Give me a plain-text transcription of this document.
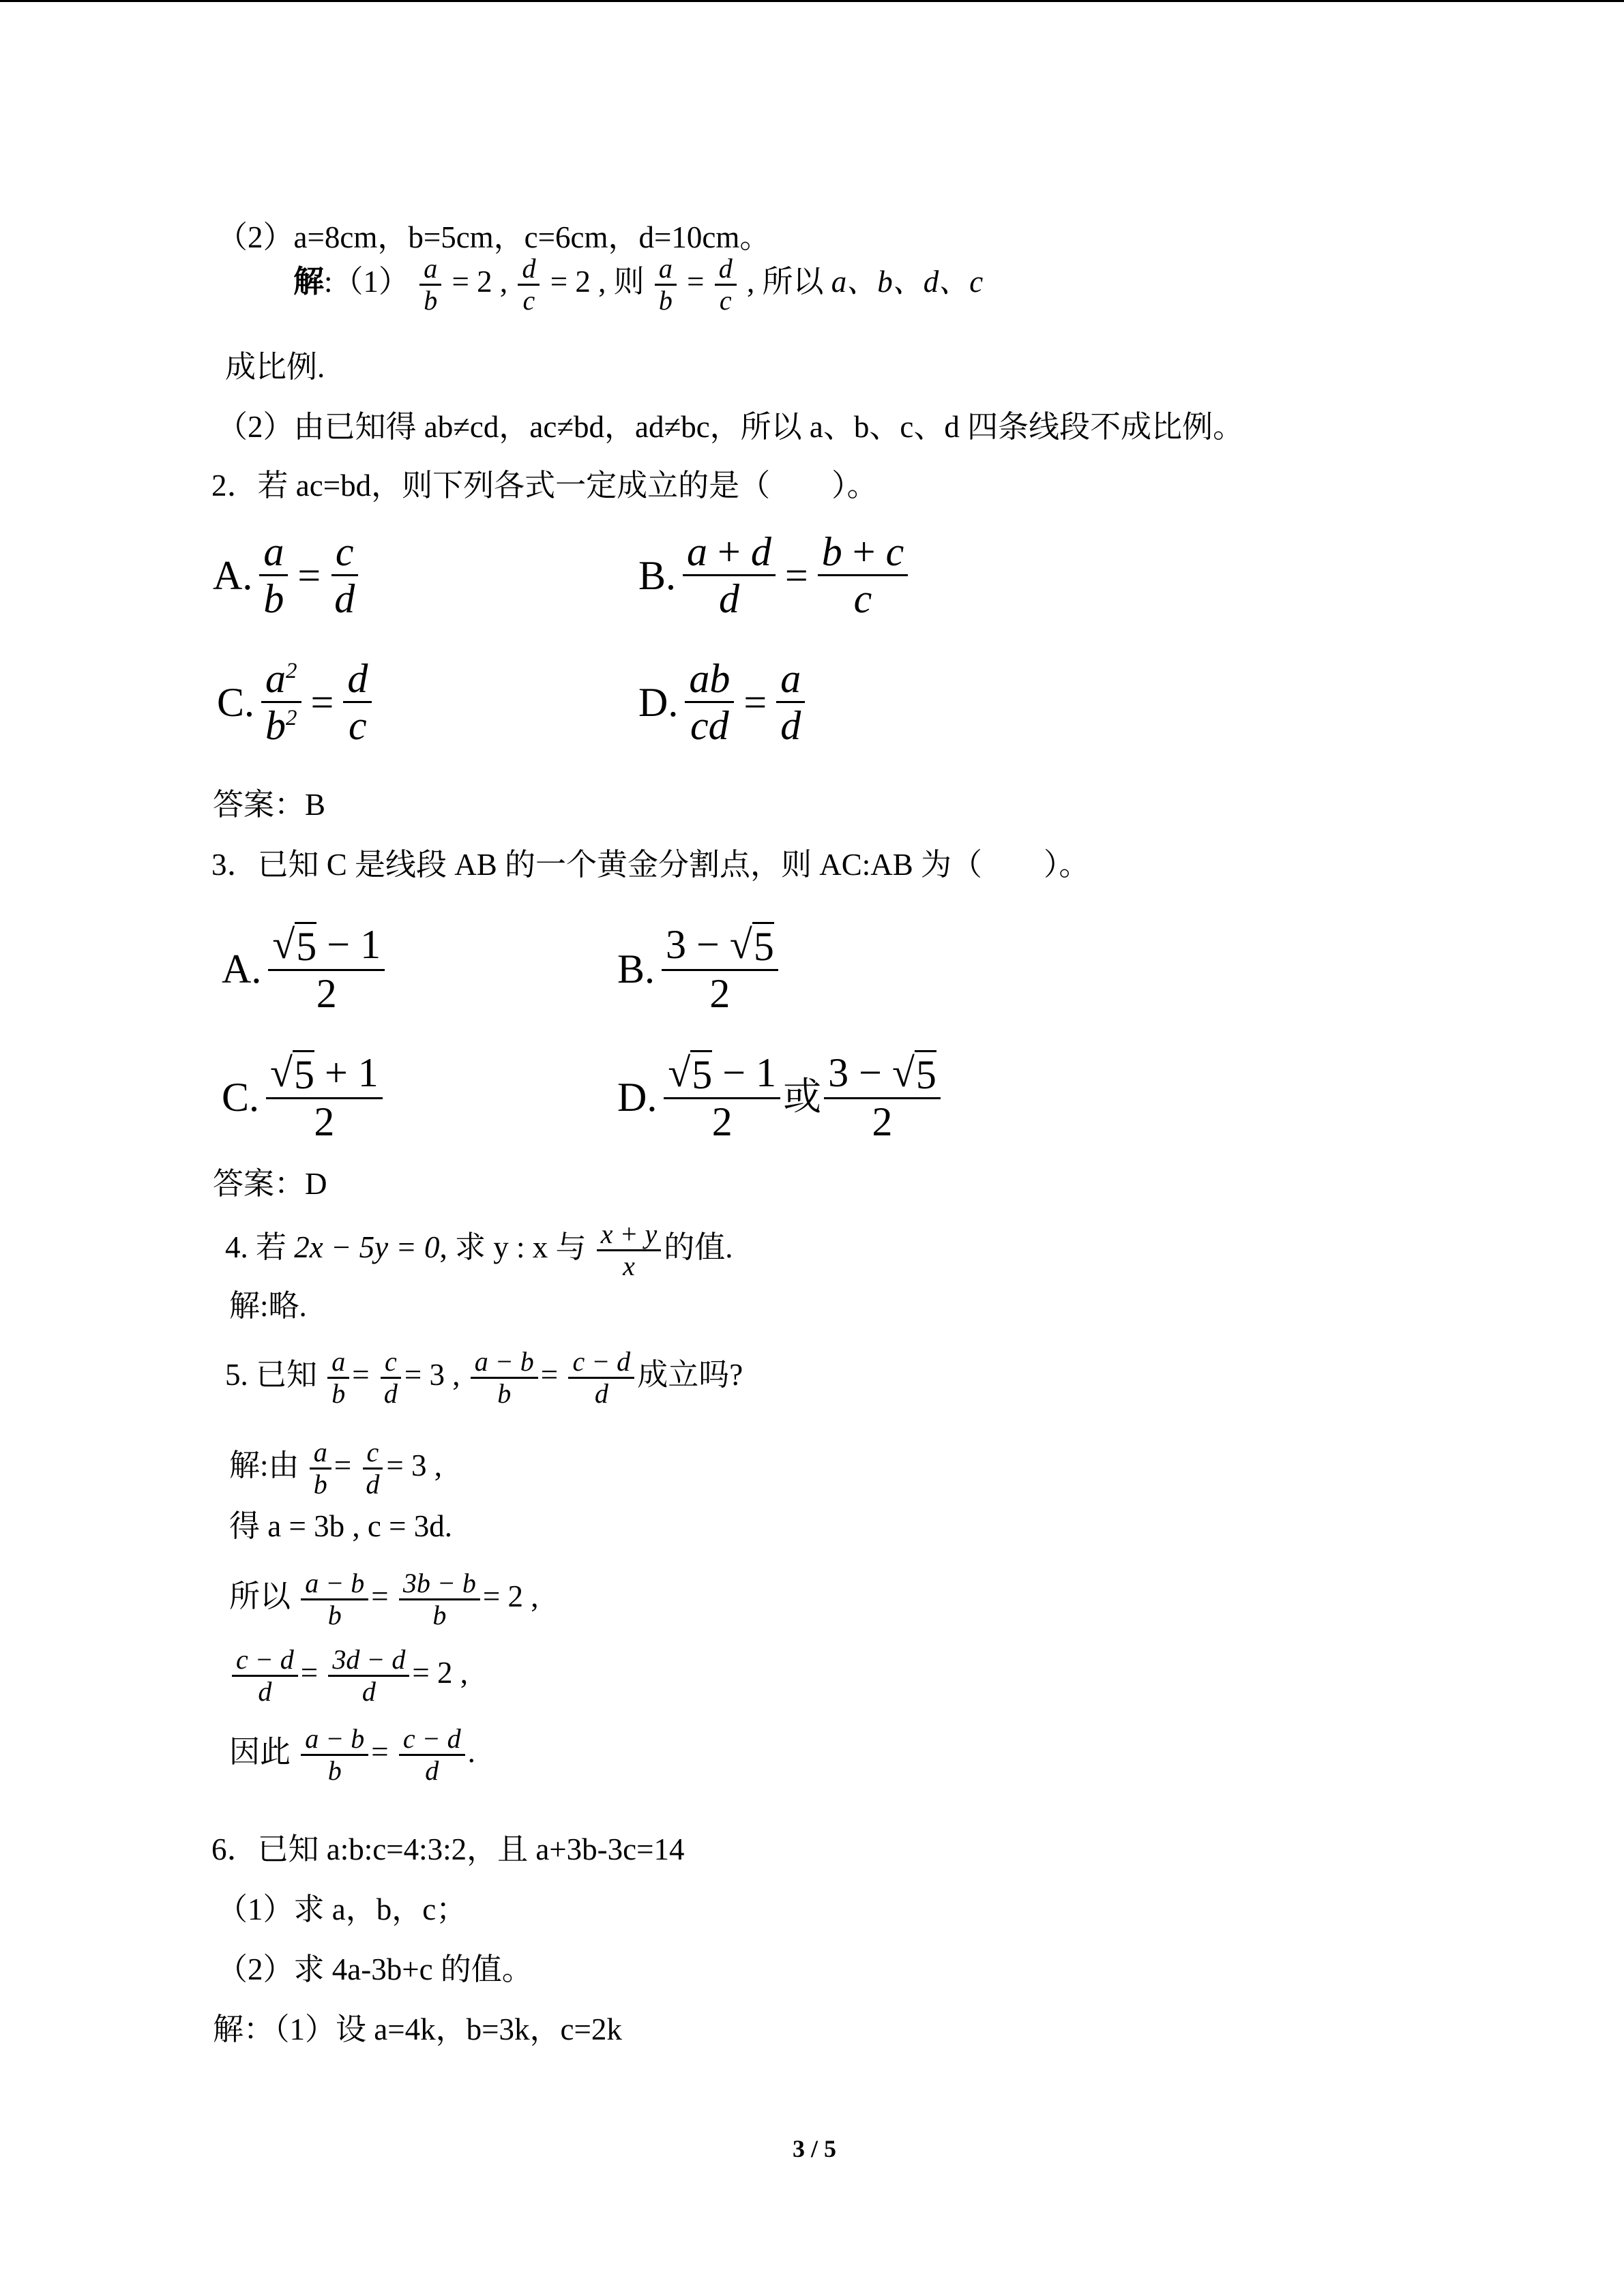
（2）a=8cm，b=5cm，c=6cm，d=10cm。
解:（1） $\frac{a}{b} = 2$ , $\frac{d}{c} = 2$ , 则 $\frac{a}{b} = \frac{d}{c}$ , 所以 a、b、d、c
成比例.
（2）由已知得 ab≠cd，ac≠bd，ad≠bc，所以 a、b、c、d 四条线段不成比例。
2．若 ac=bd，则下列各式一定成立的是（　　）。
A. $\frac{a}{b} = \frac{c}{d}$	B. $\frac{a + d}{d} = \frac{b + c}{c}$
C. $\frac{a^2}{b^2} = \frac{d}{c}$	D. $\frac{ab}{cd} = \frac{a}{d}$
答案：B
3．已知 C 是线段 AB 的一个黄金分割点，则 AC:AB 为（　　）。
A. $\frac{√ 5 - 1}{2}$	B. $\frac{3 - √ 5}{2}$
C. $\frac{√ 5 + 1}{2}$	D. $\frac{√ 5 - 1}{2}$ 或 $\frac{3 - √ 5}{2}$
答案：D
4. 若 2x − 5y = 0, 求 y : x 与 $\frac{x + y}{x}$ 的值.
解:略.
5. 已知 $\frac{a}{b} = \frac{c}{d} = 3$ , $\frac{a - b}{b} = \frac{c - d}{d}$ 成立吗?
解:由 $\frac{a}{b} = \frac{c}{d} = 3$ ,
得 a = 3b , c = 3d.
所以 $\frac{a - b}{b} = \frac{3b - b}{b} = 2$ ,
$\frac{c - d}{d} = \frac{3d - d}{d} = 2$ ,
因此 $\frac{a - b}{b} = \frac{c - d}{d}$ .
6．已知 a:b:c=4:3:2，且 a+3b-3c=14
（1）求 a，b，c；
（2）求 4a-3b+c 的值。
解：（1）设 a=4k，b=3k，c=2k
3 / 5
